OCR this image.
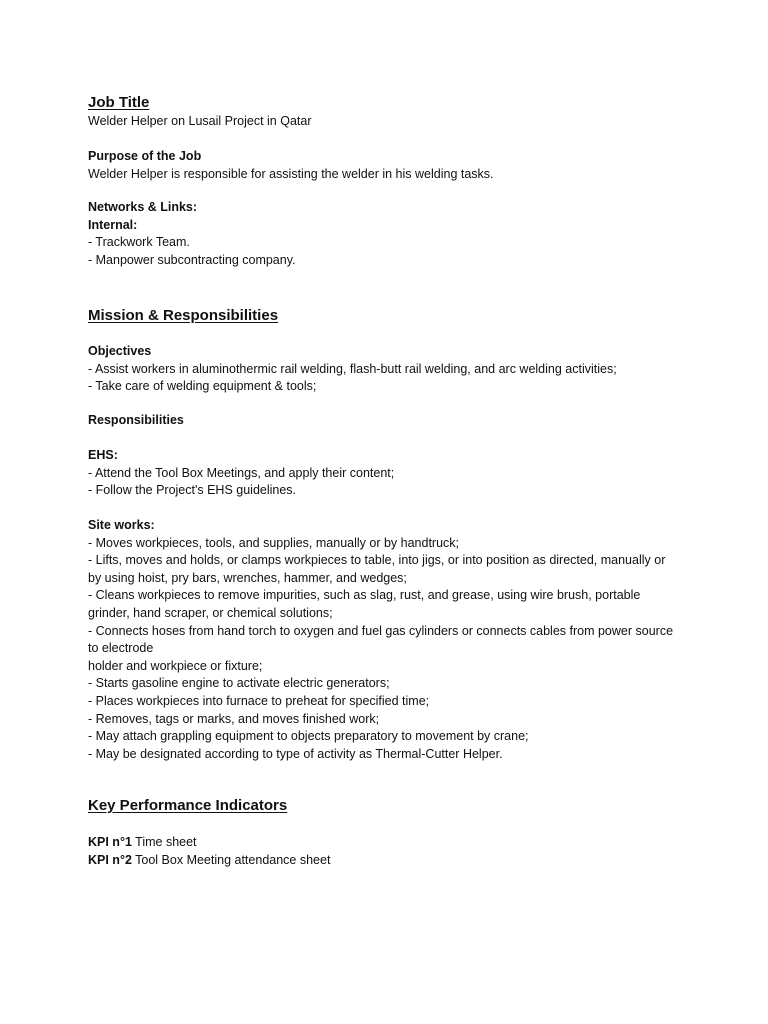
Job Title

Welder Helper on Lusail Project in Qatar

Purpose of the Job

Welder Helper is responsible for assisting the welder in his welding tasks.

Networks & Links:

Internal:

- Trackwork Team.

- Manpower subcontracting company.

Mission & Responsibilities

Objectives

- Assist workers in aluminothermic rail welding, flash-butt rail welding, and arc welding activities;

- Take care of welding equipment & tools;

Responsibilities

EHS:

- Attend the Tool Box Meetings, and apply their content;

- Follow the Project's EHS guidelines.

Site works:

- Moves workpieces, tools, and supplies, manually or by handtruck;

- Lifts, moves and holds, or clamps workpieces to table, into jigs, or into position as directed, manually or

by using hoist, pry bars, wrenches, hammer, and wedges;

- Cleans workpieces to remove impurities, such as slag, rust, and grease, using wire brush, portable

grinder, hand scraper, or chemical solutions;

- Connects hoses from hand torch to oxygen and fuel gas cylinders or connects cables from power source

to electrode

holder and workpiece or fixture;

- Starts gasoline engine to activate electric generators;

- Places workpieces into furnace to preheat for specified time;

- Removes, tags or marks, and moves finished work;

- May attach grappling equipment to objects preparatory to movement by crane;

- May be designated according to type of activity as Thermal-Cutter Helper.

Key Performance Indicators

KPI n°1 Time sheet

KPI n°2 Tool Box Meeting attendance sheet
